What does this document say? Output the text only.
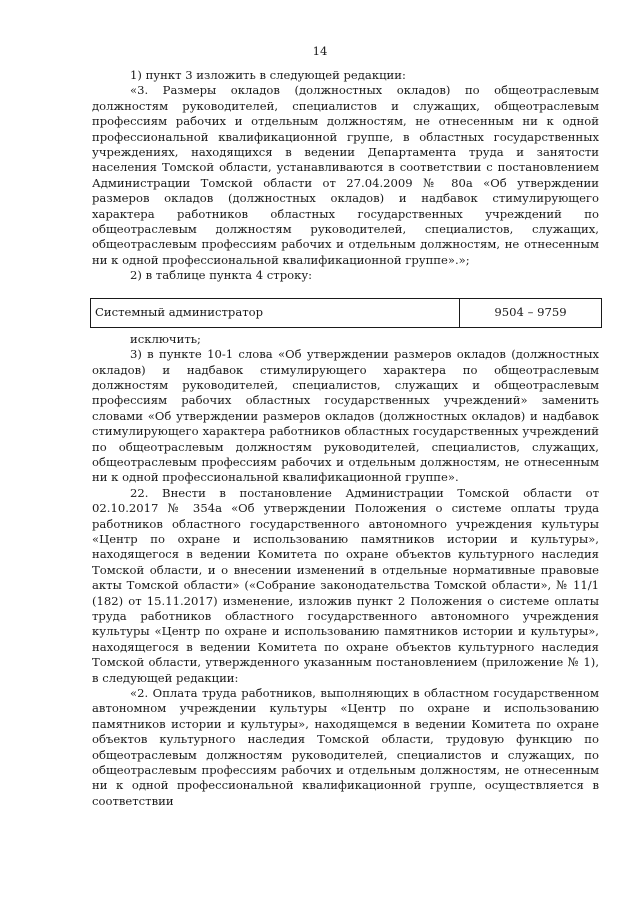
14

1) пункт 3 изложить в следующей редакции:

«3. Размеры окладов (должностных окладов) по общеотраслевым должностям руководителей, специалистов и служащих, общеотраслевым профессиям рабочих и отдельным должностям, не отнесенным ни к одной профессиональной квалификационной группе, в областных государственных учреждениях, находящихся в ведении Департамента труда и занятости населения Томской области, устанавливаются в соответствии с постановлением Администрации Томской области от 27.04.2009 № 80а «Об утверждении размеров окладов (должностных окладов) и надбавок стимулирующего характера работников областных государственных учреждений по общеотраслевым должностям руководителей, специалистов, служащих, общеотраслевым профессиям рабочих и отдельным должностям, не отнесенным ни к одной профессиональной квалификационной группе».»;

2) в таблице пункта 4 строку:

Системный администратор	9504 – 9759

исключить;

3) в пункте 10-1 слова «Об утверждении размеров окладов (должностных окладов) и надбавок стимулирующего характера по общеотраслевым должностям руководителей, специалистов, служащих и общеотраслевым профессиям рабочих областных государственных учреждений» заменить словами «Об утверждении размеров окладов (должностных окладов) и надбавок стимулирующего характера работников областных государственных учреждений по общеотраслевым должностям руководителей, специалистов, служащих, общеотраслевым профессиям рабочих и отдельным должностям, не отнесенным ни к одной профессиональной квалификационной группе».

22. Внести в постановление Администрации Томской области от 02.10.2017 № 354а «Об утверждении Положения о системе оплаты труда работников областного государственного автономного учреждения культуры «Центр по охране и использованию памятников истории и культуры», находящегося в ведении Комитета по охране объектов культурного наследия Томской области, и о внесении изменений в отдельные нормативные правовые акты Томской области» («Собрание законодательства Томской области», № 11/1 (182) от 15.11.2017) изменение, изложив пункт 2 Положения о системе оплаты труда работников областного государственного автономного учреждения культуры «Центр по охране и использованию памятников истории и культуры», находящегося в ведении Комитета по охране объектов культурного наследия Томской области, утвержденного указанным постановлением (приложение № 1), в следующей редакции:

«2. Оплата труда работников, выполняющих в областном государственном автономном учреждении культуры «Центр по охране и использованию памятников истории и культуры», находящемся в ведении Комитета по охране объектов культурного наследия Томской области, трудовую функцию по общеотраслевым должностям руководителей, специалистов и служащих, по общеотраслевым профессиям рабочих и отдельным должностям, не отнесенным ни к одной профессиональной квалификационной группе, осуществляется в соответствии
